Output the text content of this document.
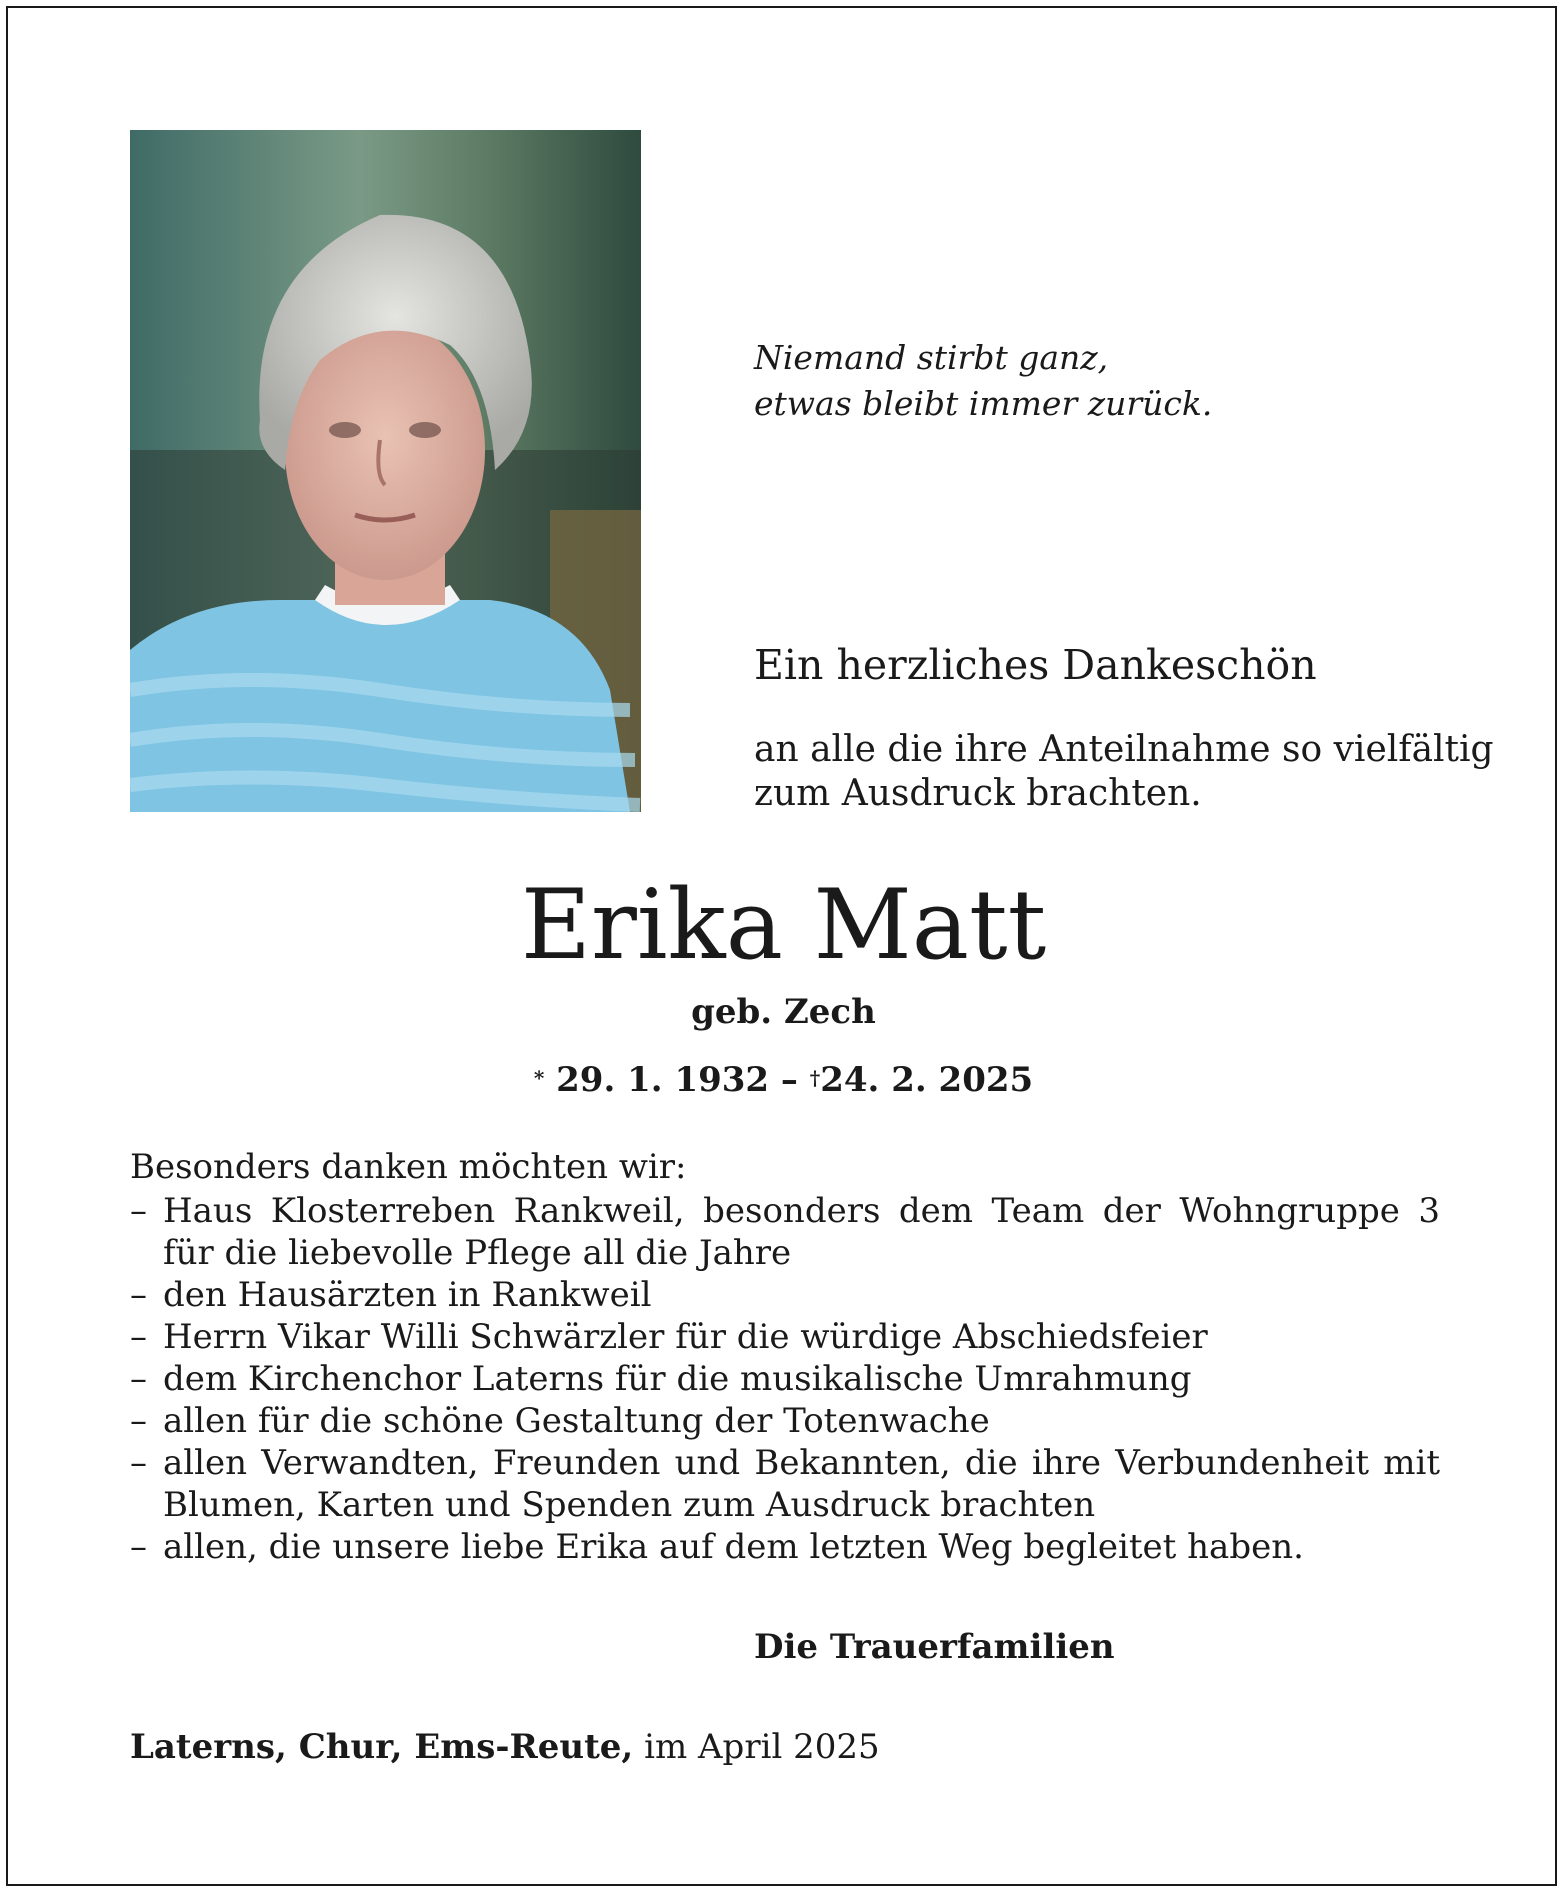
Niemand stirbt ganz,
etwas bleibt immer zurück.
Ein herzliches Dankeschön
an alle die ihre Anteilnahme so vielfältig
zum Ausdruck brachten.
Erika Matt
geb. Zech
* 29. 1. 1932 – †24. 2. 2025
Besonders danken möchten wir:
– Haus Klosterreben Rankweil, besonders dem Team der Wohngruppe 3
für die liebevolle Pflege all die Jahre
– den Hausärzten in Rankweil
– Herrn Vikar Willi Schwärzler für die würdige Abschiedsfeier
– dem Kirchenchor Laterns für die musikalische Umrahmung
– allen für die schöne Gestaltung der Totenwache
– allen Verwandten, Freunden und Bekannten, die ihre Verbundenheit mit
Blumen, Karten und Spenden zum Ausdruck brachten
– allen, die unsere liebe Erika auf dem letzten Weg begleitet haben.
Die Trauerfamilien
Laterns, Chur, Ems-Reute, im April 2025
